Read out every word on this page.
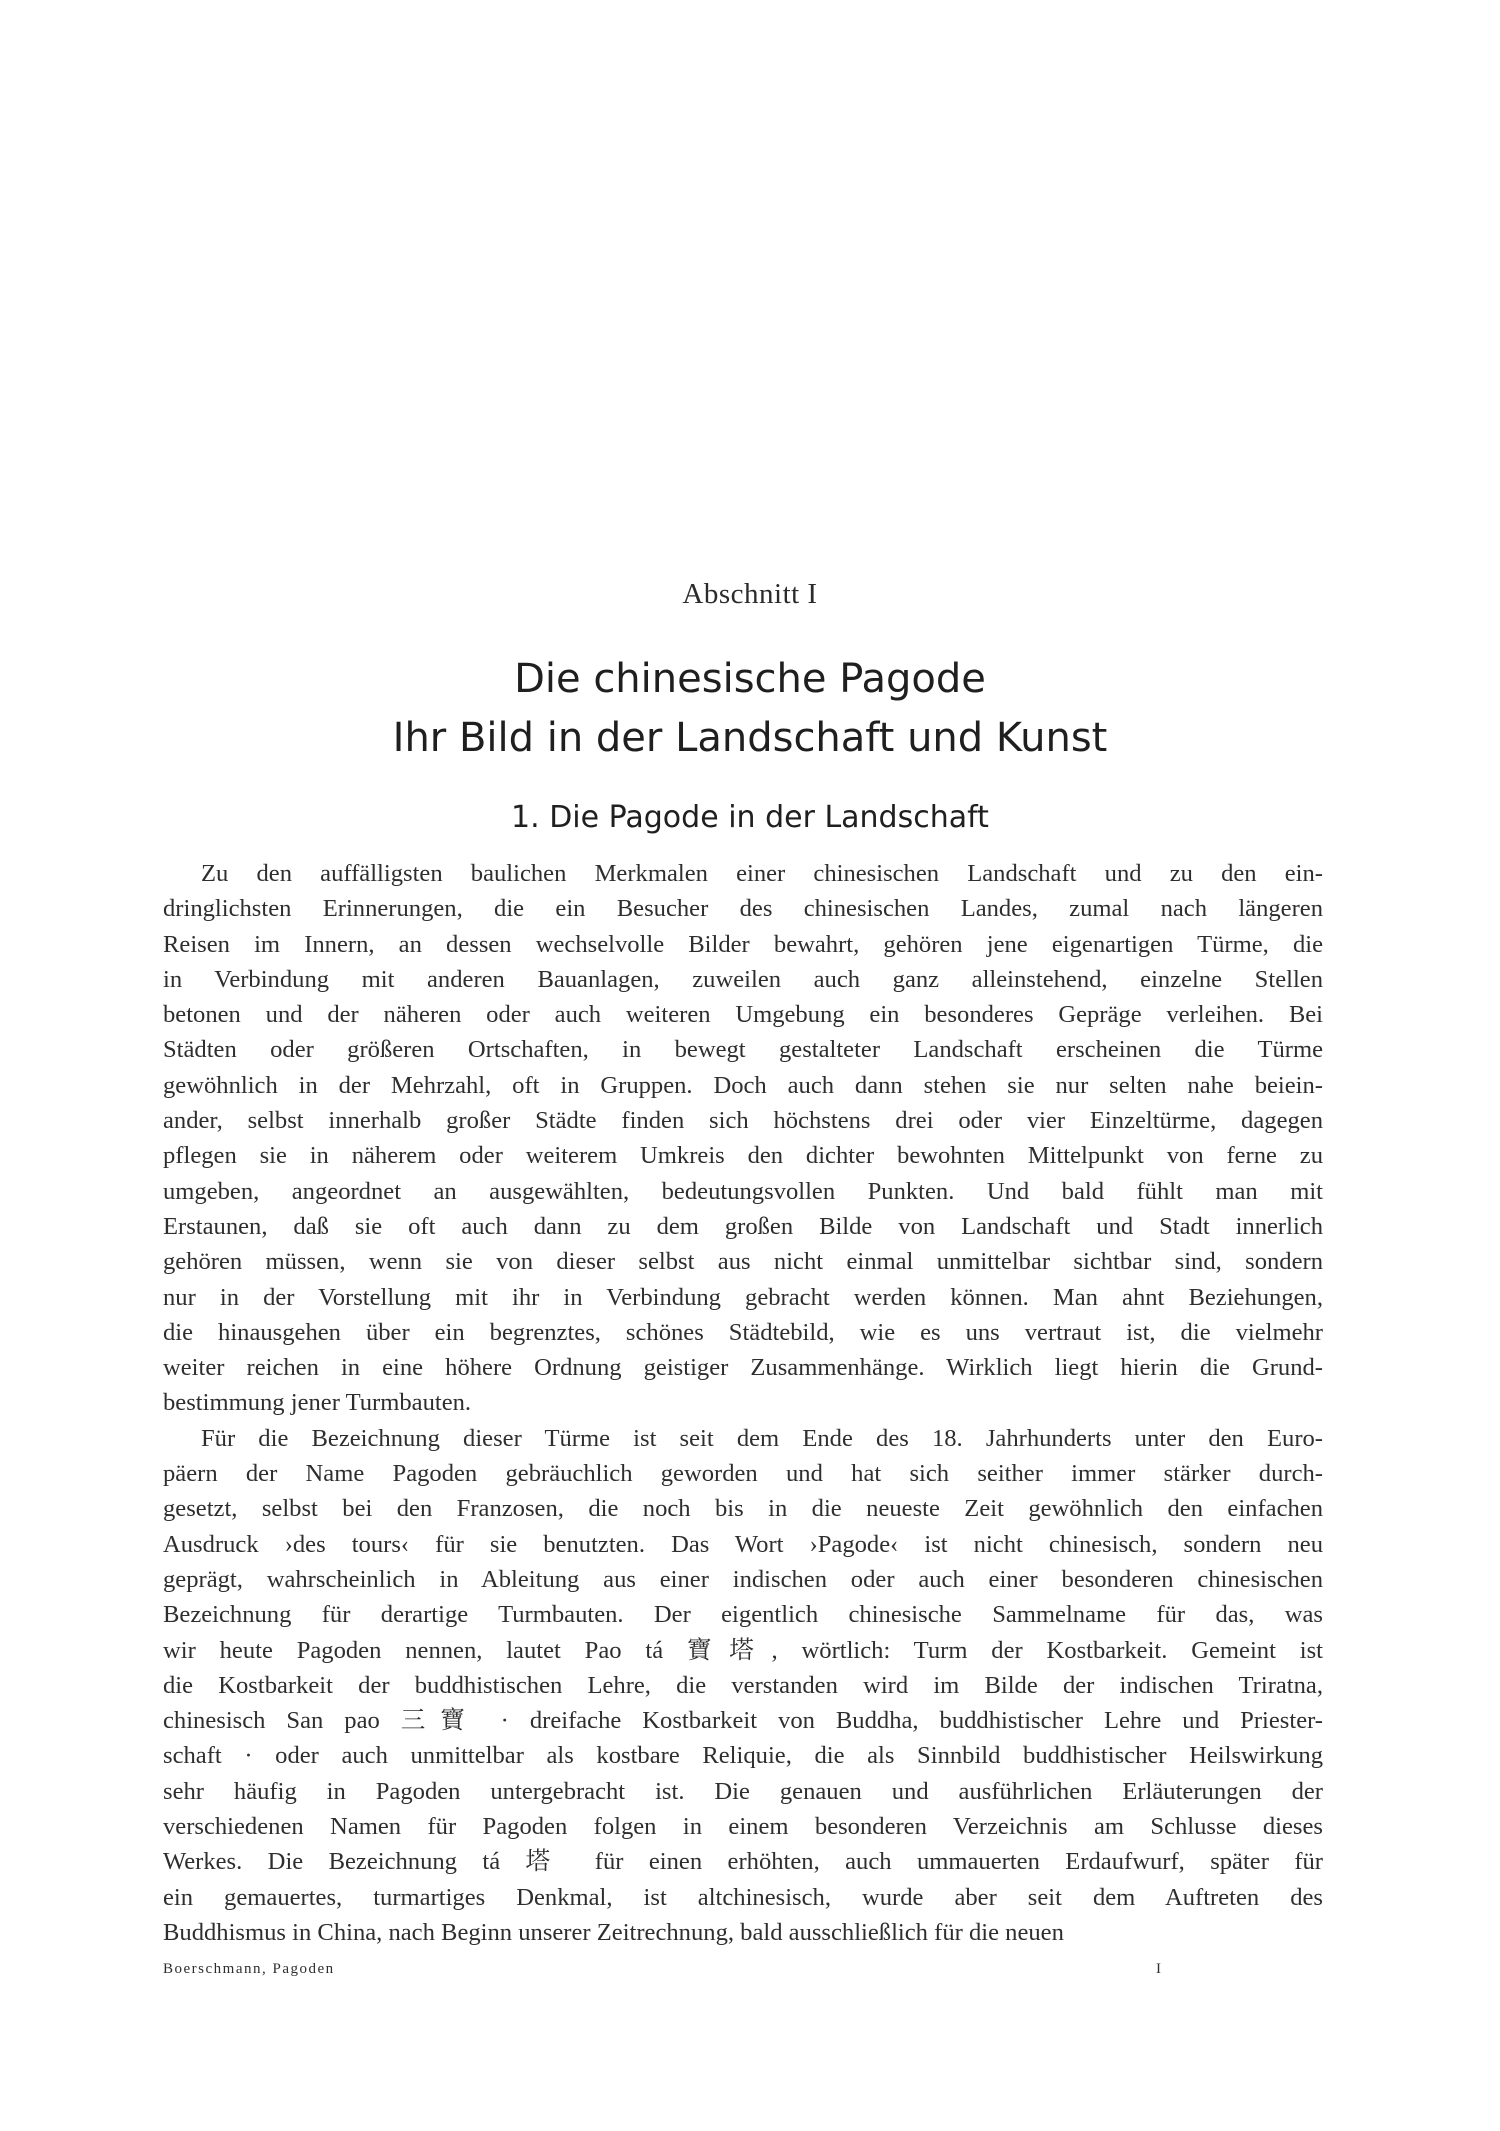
Abschnitt I
Die chinesische Pagode
Ihr Bild in der Landschaft und Kunst
1. Die Pagode in der Landschaft
Zu den auffälligsten baulichen Merkmalen einer chinesischen Landschaft und zu den ein-
dringlichsten Erinnerungen, die ein Besucher des chinesischen Landes, zumal nach längeren
Reisen im Innern, an dessen wechselvolle Bilder bewahrt, gehören jene eigenartigen Türme, die
in Verbindung mit anderen Bauanlagen, zuweilen auch ganz alleinstehend, einzelne Stellen
betonen und der näheren oder auch weiteren Umgebung ein besonderes Gepräge verleihen. Bei
Städten oder größeren Ortschaften, in bewegt gestalteter Landschaft erscheinen die Türme
gewöhnlich in der Mehrzahl, oft in Gruppen. Doch auch dann stehen sie nur selten nahe beiein-
ander, selbst innerhalb großer Städte finden sich höchstens drei oder vier Einzeltürme, dagegen
pflegen sie in näherem oder weiterem Umkreis den dichter bewohnten Mittelpunkt von ferne zu
umgeben, angeordnet an ausgewählten, bedeutungsvollen Punkten. Und bald fühlt man mit
Erstaunen, daß sie oft auch dann zu dem großen Bilde von Landschaft und Stadt innerlich
gehören müssen, wenn sie von dieser selbst aus nicht einmal unmittelbar sichtbar sind, sondern
nur in der Vorstellung mit ihr in Verbindung gebracht werden können. Man ahnt Beziehungen,
die hinausgehen über ein begrenztes, schönes Städtebild, wie es uns vertraut ist, die vielmehr
weiter reichen in eine höhere Ordnung geistiger Zusammenhänge. Wirklich liegt hierin die Grund-
bestimmung jener Turmbauten.
Für die Bezeichnung dieser Türme ist seit dem Ende des 18. Jahrhunderts unter den Euro-
päern der Name Pagoden gebräuchlich geworden und hat sich seither immer stärker durch-
gesetzt, selbst bei den Franzosen, die noch bis in die neueste Zeit gewöhnlich den einfachen
Ausdruck ›des tours‹ für sie benutzten. Das Wort ›Pagode‹ ist nicht chinesisch, sondern neu
geprägt, wahrscheinlich in Ableitung aus einer indischen oder auch einer besonderen chinesischen
Bezeichnung für derartige Turmbauten. Der eigentlich chinesische Sammelname für das, was
wir heute Pagoden nennen, lautet Pao tá 寶塔, wörtlich: Turm der Kostbarkeit. Gemeint ist
die Kostbarkeit der buddhistischen Lehre, die verstanden wird im Bilde der indischen Triratna,
chinesisch San pao 三寶 · dreifache Kostbarkeit von Buddha, buddhistischer Lehre und Priester-
schaft · oder auch unmittelbar als kostbare Reliquie, die als Sinnbild buddhistischer Heilswirkung
sehr häufig in Pagoden untergebracht ist. Die genauen und ausführlichen Erläuterungen der
verschiedenen Namen für Pagoden folgen in einem besonderen Verzeichnis am Schlusse dieses
Werkes. Die Bezeichnung tá 塔 für einen erhöhten, auch ummauerten Erdaufwurf, später für
ein gemauertes, turmartiges Denkmal, ist altchinesisch, wurde aber seit dem Auftreten des
Buddhismus in China, nach Beginn unserer Zeitrechnung, bald ausschließlich für die neuen
Boerschmann, Pagoden	I
